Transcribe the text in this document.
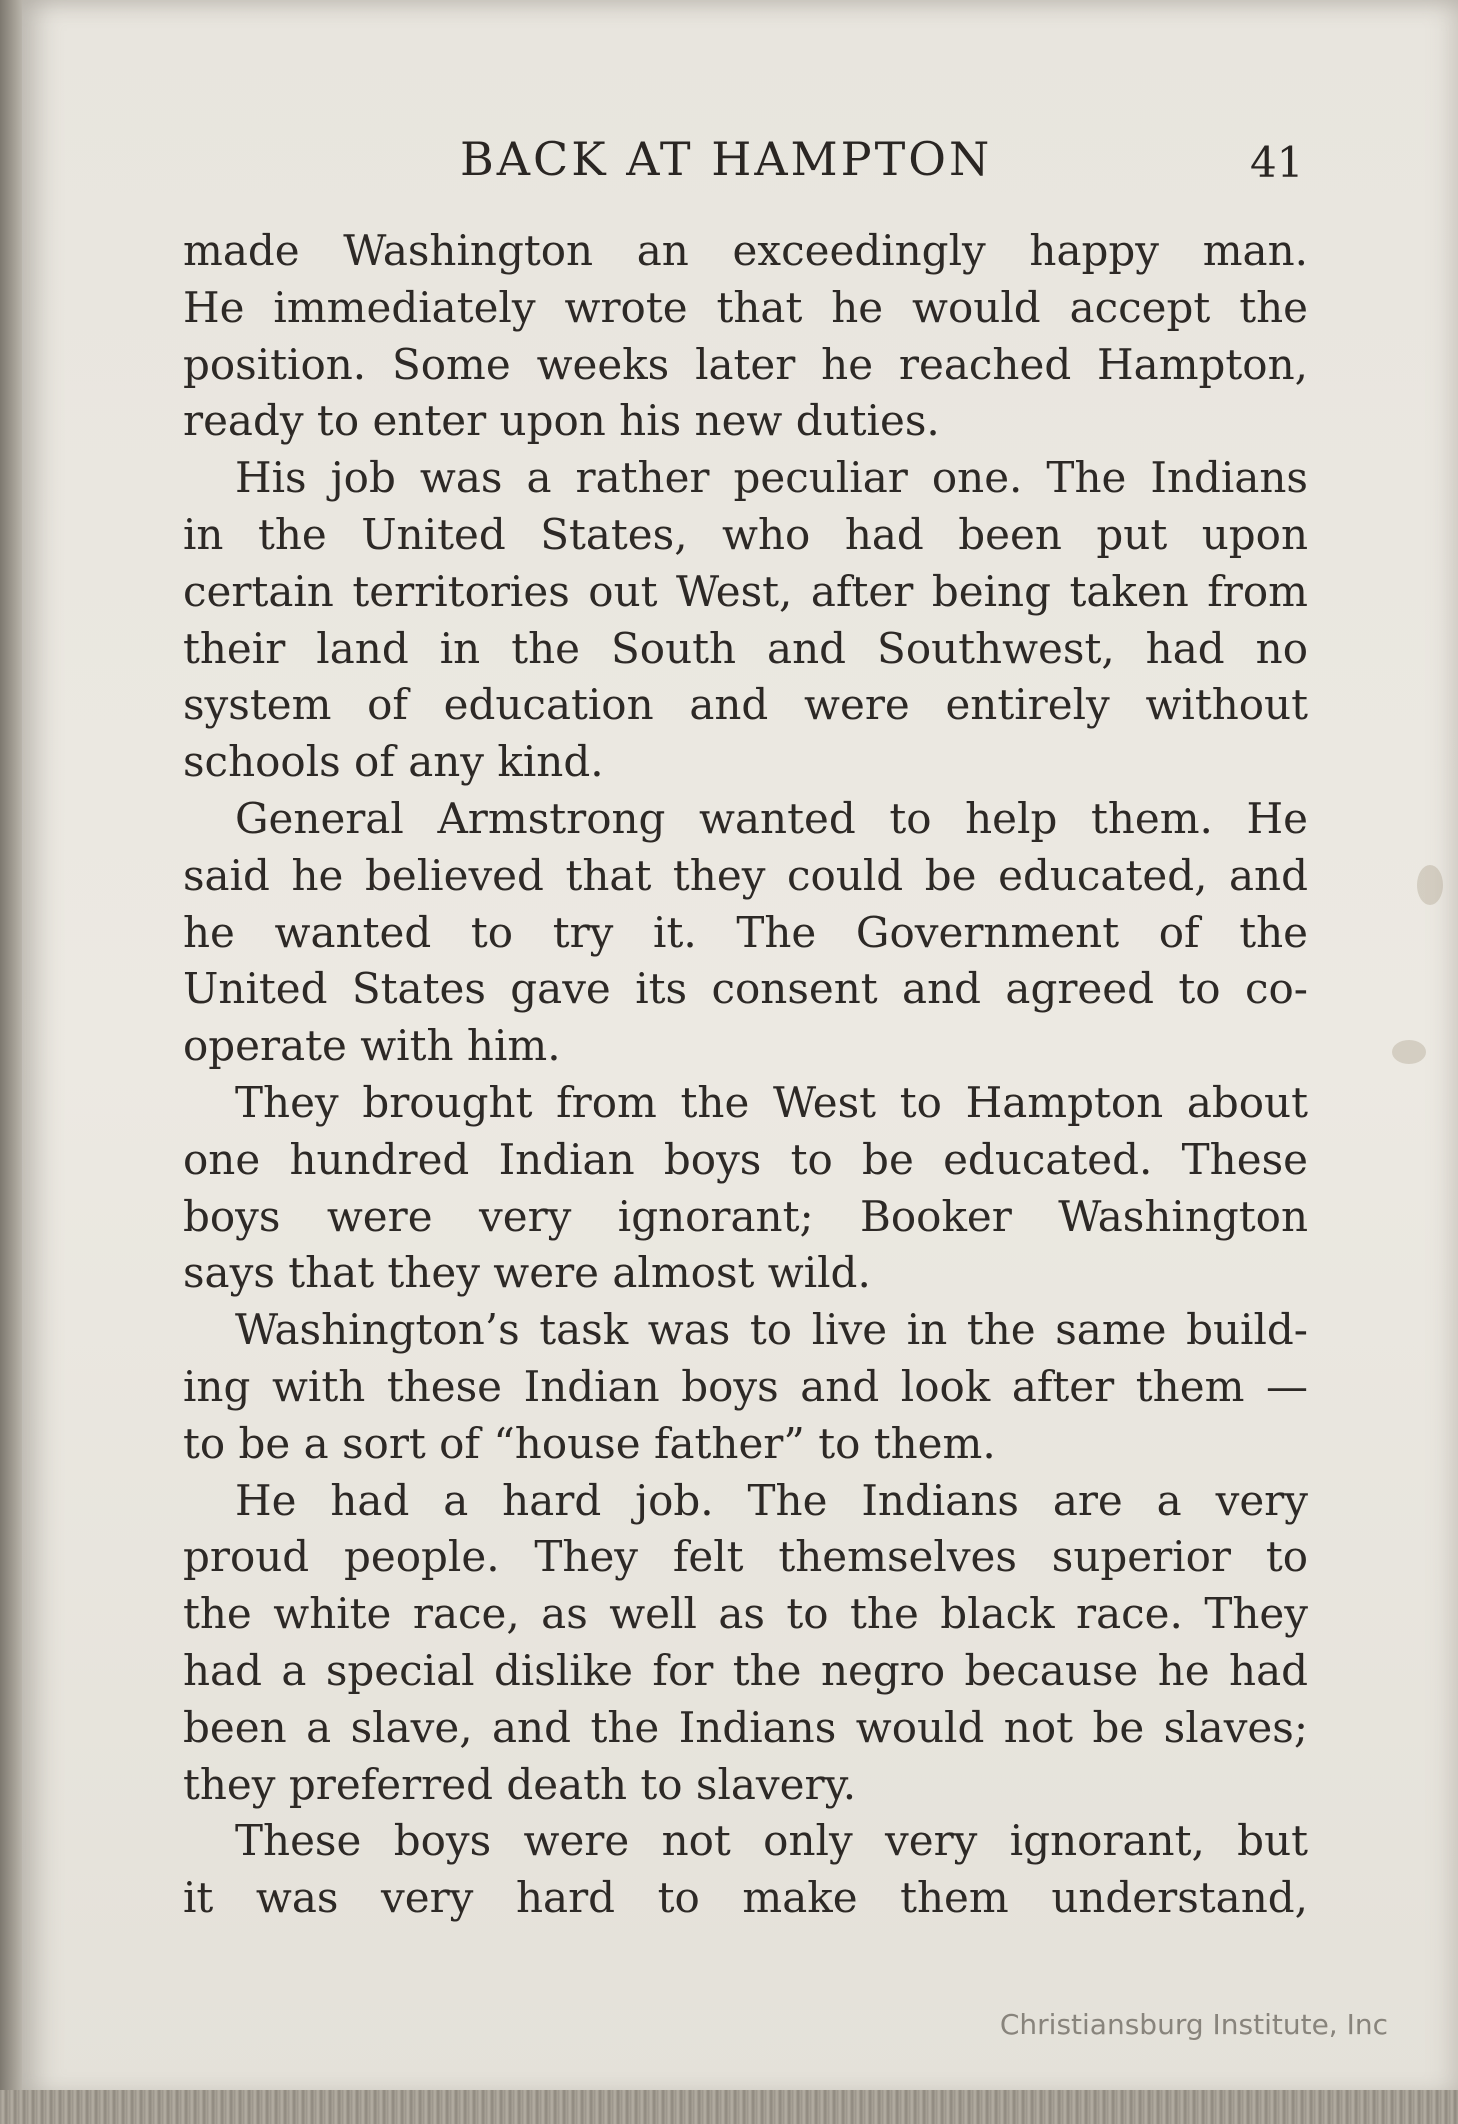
BACK AT HAMPTON	41
made Washington an exceedingly happy man.
He immediately wrote that he would accept the
position. Some weeks later he reached Hampton,
ready to enter upon his new duties.
His job was a rather peculiar one. The Indians
in the United States, who had been put upon
certain territories out West, after being taken from
their land in the South and Southwest, had no
system of education and were entirely without
schools of any kind.
General Armstrong wanted to help them. He
said he believed that they could be educated, and
he wanted to try it. The Government of the
United States gave its consent and agreed to co-
operate with him.
They brought from the West to Hampton about
one hundred Indian boys to be educated. These
boys were very ignorant; Booker Washington
says that they were almost wild.
Washington’s task was to live in the same build-
ing with these Indian boys and look after them —
to be a sort of “house father” to them.
He had a hard job. The Indians are a very
proud people. They felt themselves superior to
the white race, as well as to the black race. They
had a special dislike for the negro because he had
been a slave, and the Indians would not be slaves;
they preferred death to slavery.
These boys were not only very ignorant, but
it was very hard to make them understand,
Christiansburg Institute, Inc
